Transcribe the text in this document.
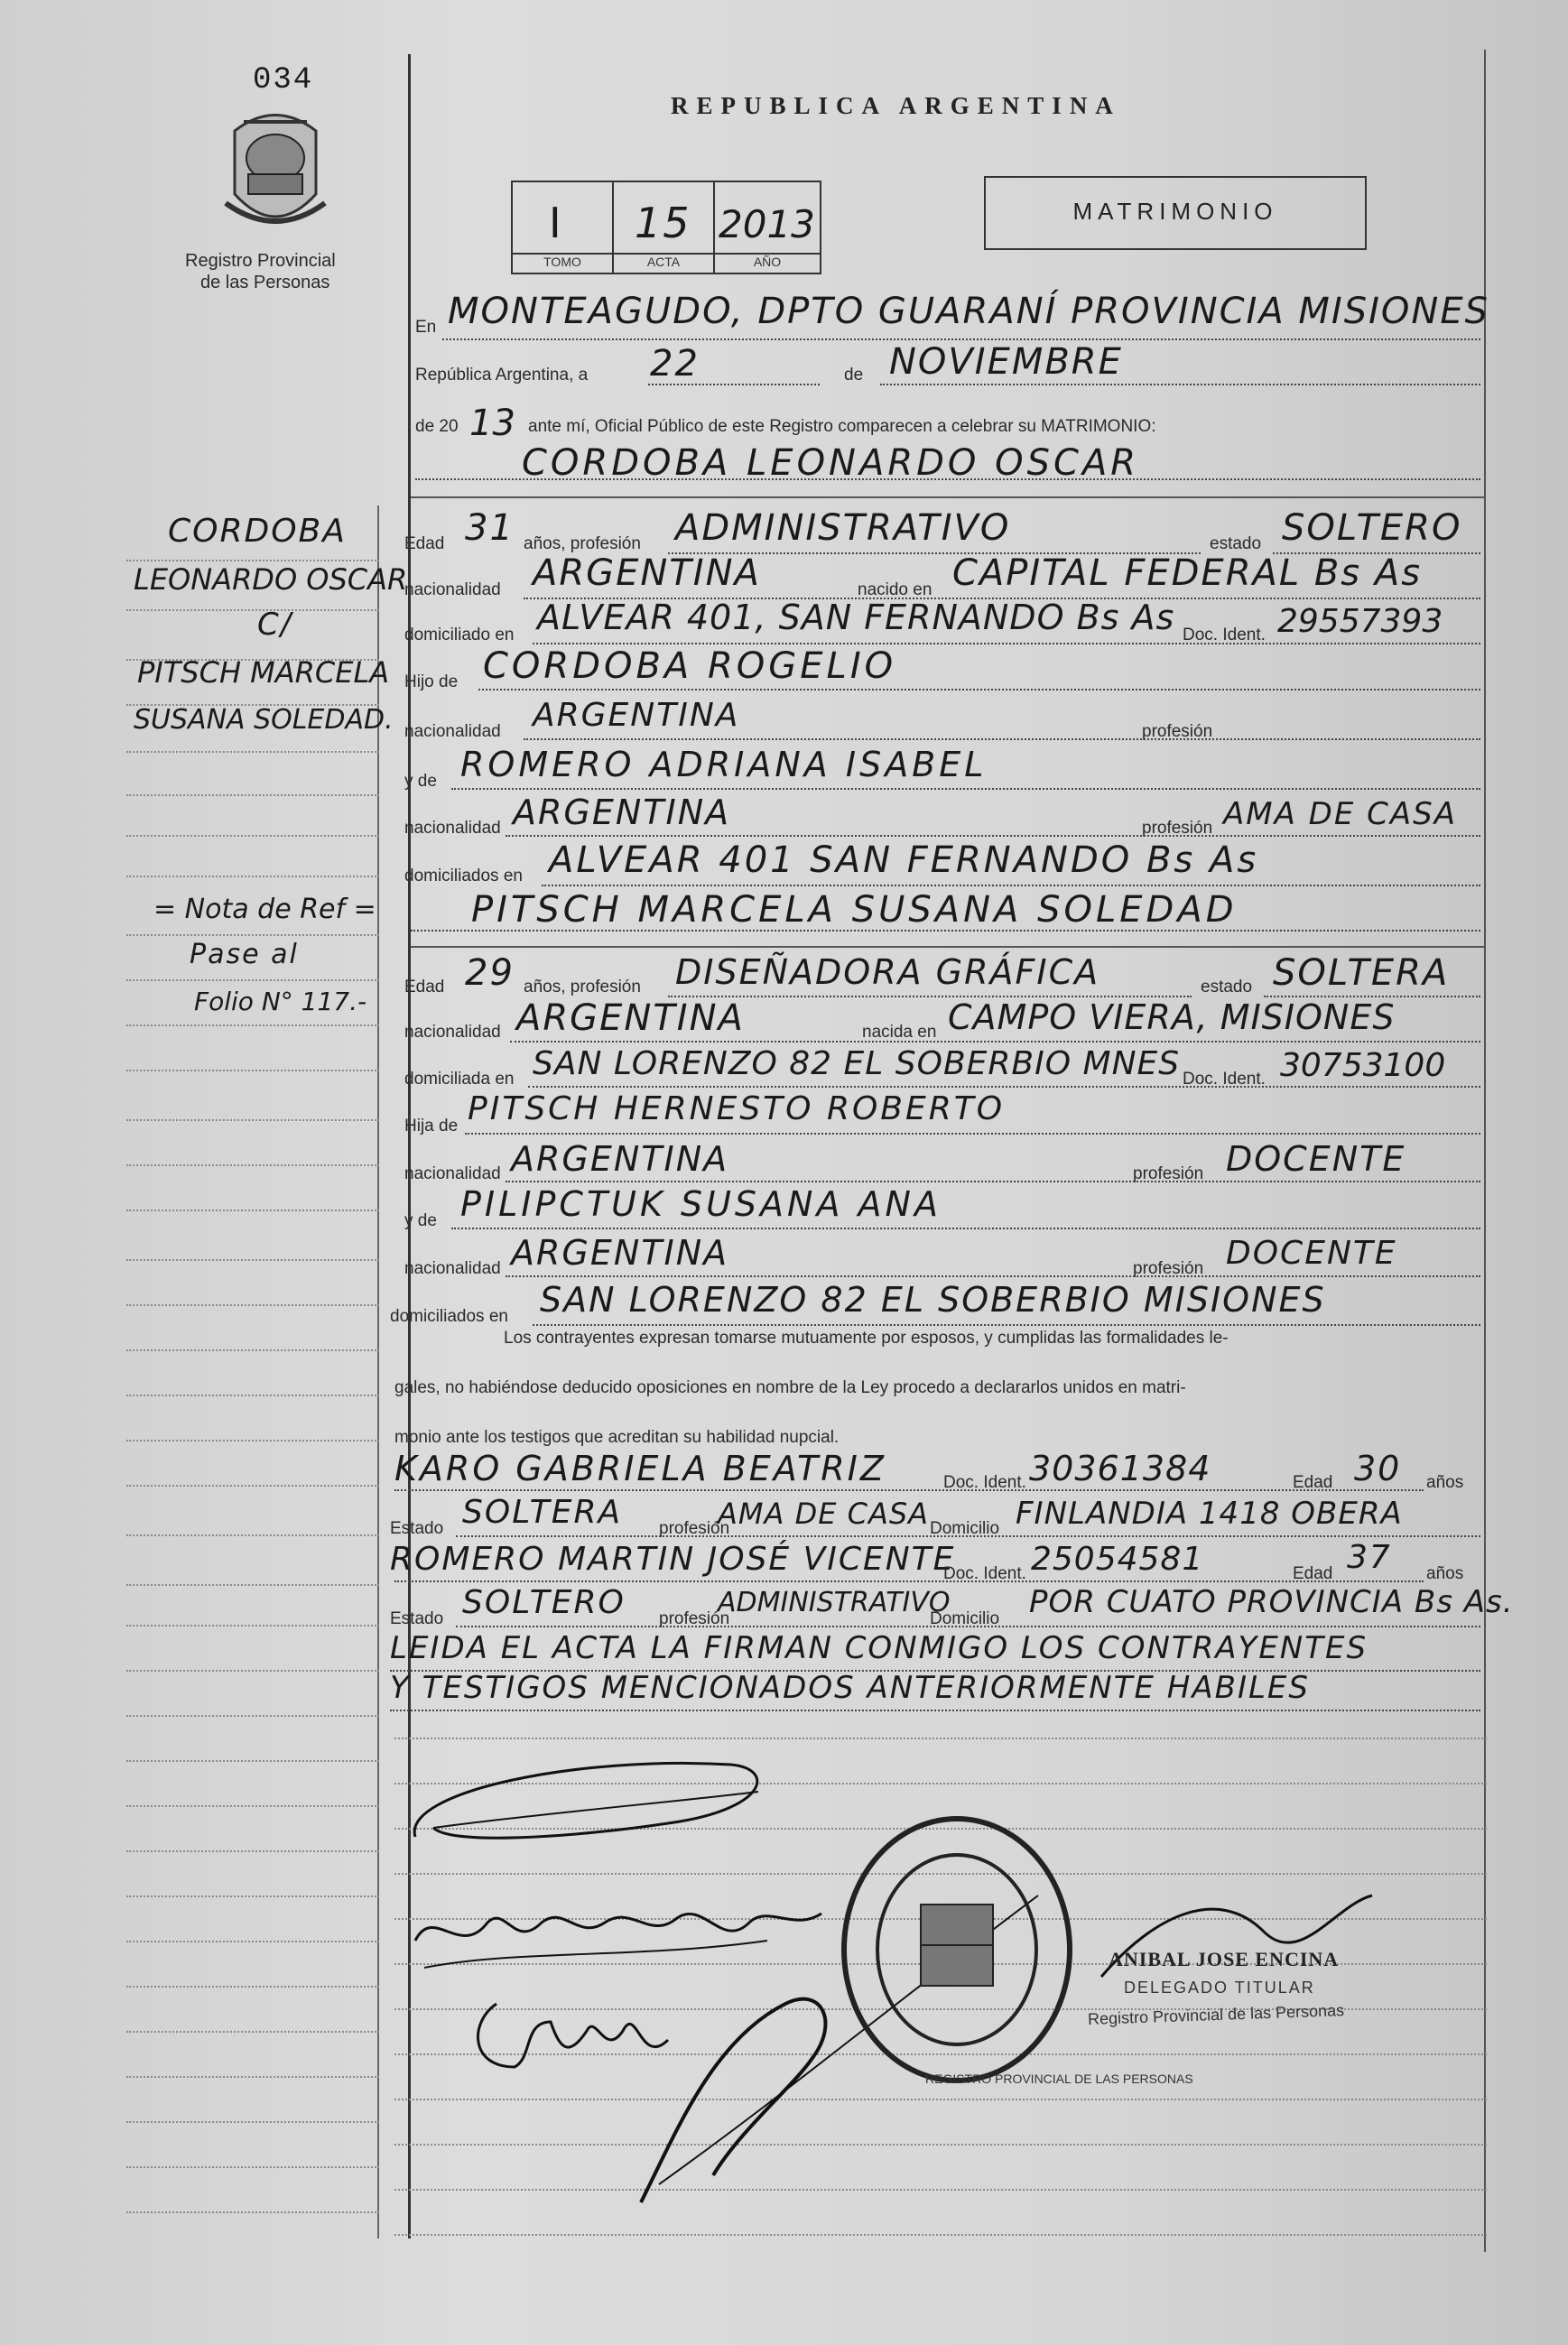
034
Registro Provincial
de las Personas
REPUBLICA ARGENTINA
I 15 2013
TOMO	ACTA	AÑO
MATRIMONIO
En MONTEAGUDO, DPTO GUARANÍ PROVINCIA MISIONES
República Argentina, a 22	de NOVIEMBRE
de 20 13 ante mí, Oficial Público de este Registro comparecen a celebrar su MATRIMONIO:
CORDOBA LEONARDO OSCAR
CORDOBA
LEONARDO OSCAR
C/
PITSCH MARCELA
SUSANA SOLEDAD.
= Nota de Ref =
Pase al
Folio N° 117.-
Edad 31 años, profesión ADMINISTRATIVO	estado SOLTERO
nacionalidad ARGENTINA	nacido en CAPITAL FEDERAL Bs As
domiciliado en ALVEAR 401, SAN FERNANDO Bs As Doc. Ident. 29557393
Hijo de CORDOBA ROGELIO
nacionalidad ARGENTINA	profesión
y de ROMERO ADRIANA ISABEL
nacionalidad ARGENTINA	profesión AMA DE CASA
domiciliados en ALVEAR 401 SAN FERNANDO Bs As
PITSCH MARCELA SUSANA SOLEDAD
Edad 29 años, profesión DISEÑADORA GRÁFICA	estado SOLTERA
nacionalidad ARGENTINA	nacida en CAMPO VIERA, MISIONES
domiciliada en SAN LORENZO 82 EL SOBERBIO MNES Doc. Ident. 30753100
Hija de PITSCH HERNESTO ROBERTO
nacionalidad ARGENTINA	profesión DOCENTE
y de PILIPCTUK SUSANA ANA
nacionalidad ARGENTINA	profesión DOCENTE
domiciliados en SAN LORENZO 82 EL SOBERBIO MISIONES
Los contrayentes expresan tomarse mutuamente por esposos, y cumplidas las formalidades le-
gales, no habiéndose deducido oposiciones en nombre de la Ley procedo a declararlos unidos en matri-
monio ante los testigos que acreditan su habilidad nupcial.
KARO GABRIELA BEATRIZ	Doc. Ident. 30361384	Edad 30 años
Estado SOLTERA profesión
AMA DE CASA Domicilio FINLANDIA 1418 OBERA
ROMERO MARTIN JOSÉ VICENTE
Doc. Ident. 25054581	Edad 37 años
Estado SOLTERO profesión
ADMINISTRATIVO
Domicilio POR CUATO PROVINCIA Bs As.
LEIDA EL ACTA LA FIRMAN CONMIGO LOS CONTRAYENTES
Y TESTIGOS MENCIONADOS ANTERIORMENTE HABILES
REGISTRO PROVINCIAL DE LAS PERSONAS
ANIBAL JOSE ENCINA
DELEGADO TITULAR
Registro Provincial de las Personas
